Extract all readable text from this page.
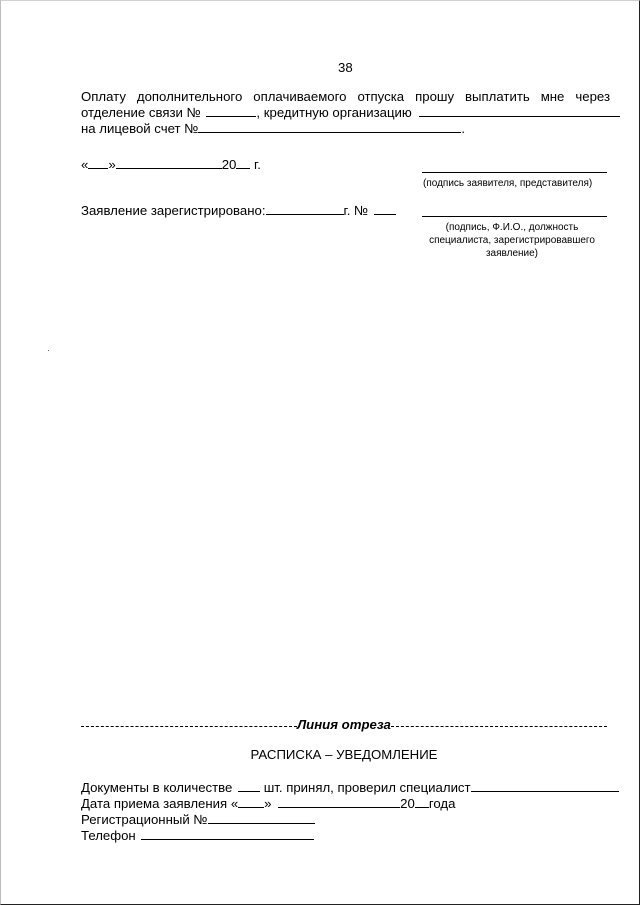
38
Оплату дополнительного оплачиваемого отпуска прошу выплатить мне через
отделение связи №	, кредитную организацию
на лицевой счет №	.
« »	20 г.
(подпись заявителя, представителя)
Заявление зарегистрировано:	г. №
(подпись, Ф.И.О., должность
специалиста, зарегистрировавшего
заявление)
Линия отреза
РАСПИСКА – УВЕДОМЛЕНИЕ
Документы в количестве шт. принял, проверил специалист
Дата приема заявления « »	20 года
Регистрационный №
Телефон
